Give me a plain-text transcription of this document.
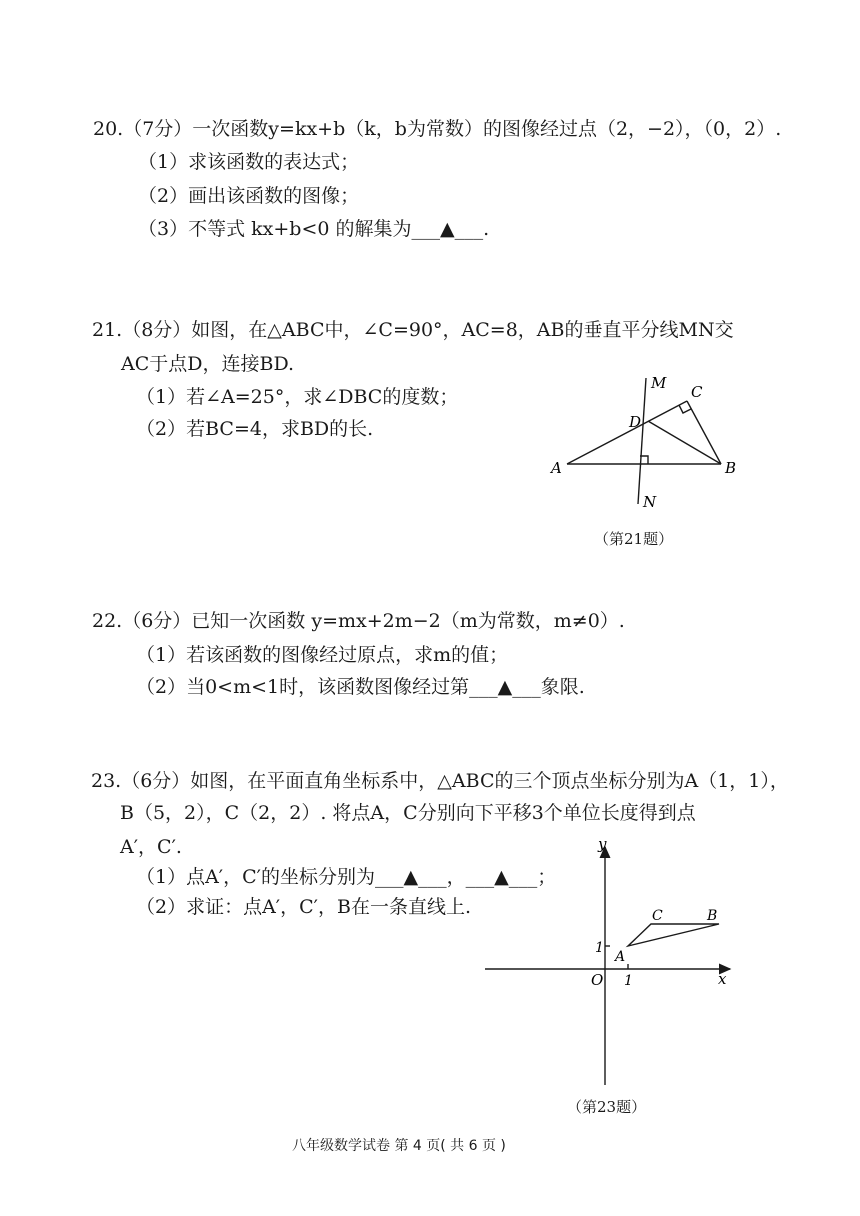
20.（7分）一次函数y=kx+b（k，b为常数）的图像经过点（2，−2），（0，2）.
（1）求该函数的表达式；
（2）画出该函数的图像；
（3）不等式 kx+b<0 的解集为___▲___.
21.（8分）如图，在△ABC中，∠C=90°，AC=8，AB的垂直平分线MN交
AC于点D，连接BD.
（1）若∠A=25°，求∠DBC的度数；
（2）若BC=4，求BD的长.
M C
D
A	B
N
（第21题）
22.（6分）已知一次函数 y=mx+2m−2（m为常数，m≠0）.
（1）若该函数的图像经过原点，求m的值；
（2）当0<m<1时，该函数图像经过第___▲___象限.
23.（6分）如图，在平面直角坐标系中，△ABC的三个顶点坐标分别为A（1，1），
B（5，2），C（2，2）. 将点A，C分别向下平移3个单位长度得到点
A′，C′.
（1）点A′，C′的坐标分别为___▲___，___▲___；
（2）求证：点A′，C′，B在一条直线上.
y
x
O 1
1
A
B
C
（第23题）
八年级数学试卷 第 4 页( 共 6 页 )
